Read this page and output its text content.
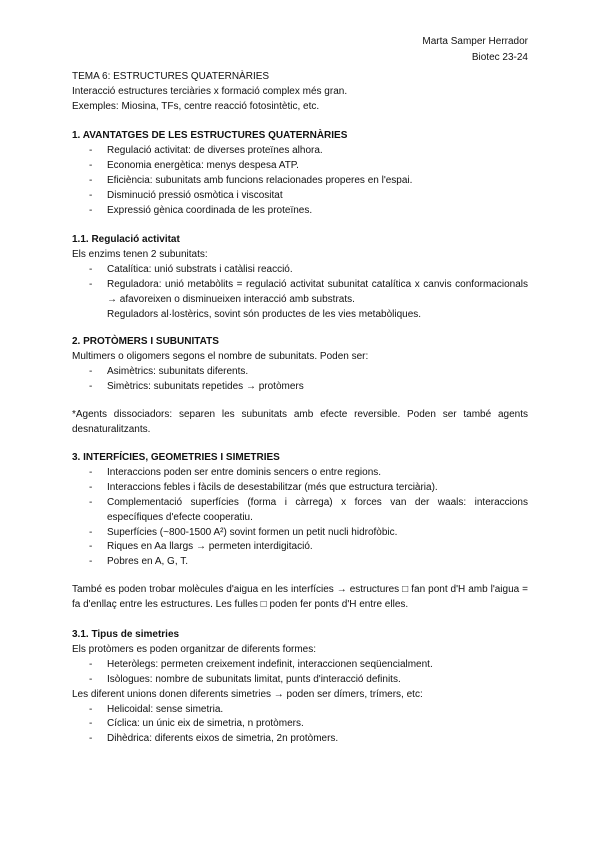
Marta Samper Herrador
Biotec 23-24
TEMA 6: ESTRUCTURES QUATERNÀRIES
Interacció estructures terciàries x formació complex més gran.
Exemples: Miosina, TFs, centre reacció fotosintètic, etc.
1. AVANTATGES DE LES ESTRUCTURES QUATERNÀRIES
- Regulació activitat: de diverses proteïnes alhora.
- Economia energètica: menys despesa ATP.
- Eficiència: subunitats amb funcions relacionades properes en l'espai.
- Disminució pressió osmòtica i viscositat
- Expressió gènica coordinada de les proteïnes.
1.1. Regulació activitat
Els enzims tenen 2 subunitats:
- Catalítica: unió substrats i catàlisi reacció.
- Reguladora: unió metabòlits = regulació activitat subunitat catalítica x canvis conformacionals → afavoreixen o disminueixen interacció amb substrats.
Reguladors al·lostèrics, sovint són productes de les vies metabòliques.
2. PROTÒMERS I SUBUNITATS
Multimers o oligomers segons el nombre de subunitats. Poden ser:
- Asimètrics: subunitats diferents.
- Simètrics: subunitats repetides → protòmers
*Agents dissociadors: separen les subunitats amb efecte reversible. Poden ser també agents desnaturalitzants.
3. INTERFÍCIES, GEOMETRIES I SIMETRIES
- Interaccions poden ser entre dominis sencers o entre regions.
- Interaccions febles i fàcils de desestabilitzar (més que estructura terciària).
- Complementació superfícies (forma i càrrega) x forces van der waals: interaccions específiques d'efecte cooperatiu.
- Superfícies (~800-1500 A²) sovint formen un petit nucli hidrofòbic.
- Riques en Aa llargs → permeten interdigitació.
- Pobres en A, G, T.
També es poden trobar molècules d'aigua en les interfícies → estructures □ fan pont d'H amb l'aigua = fa d'enllaç entre les estructures. Les fulles □ poden fer ponts d'H entre elles.
3.1. Tipus de simetries
Els protòmers es poden organitzar de diferents formes:
- Heteròlegs: permeten creixement indefinit, interaccionen seqüencialment.
- Isòlogues: nombre de subunitats limitat, punts d'interacció definits.
Les diferent unions donen diferents simetries → poden ser dímers, trímers, etc:
- Helicoidal: sense simetria.
- Cíclica: un únic eix de simetria, n protòmers.
- Dihèdrica: diferents eixos de simetria, 2n protòmers.
